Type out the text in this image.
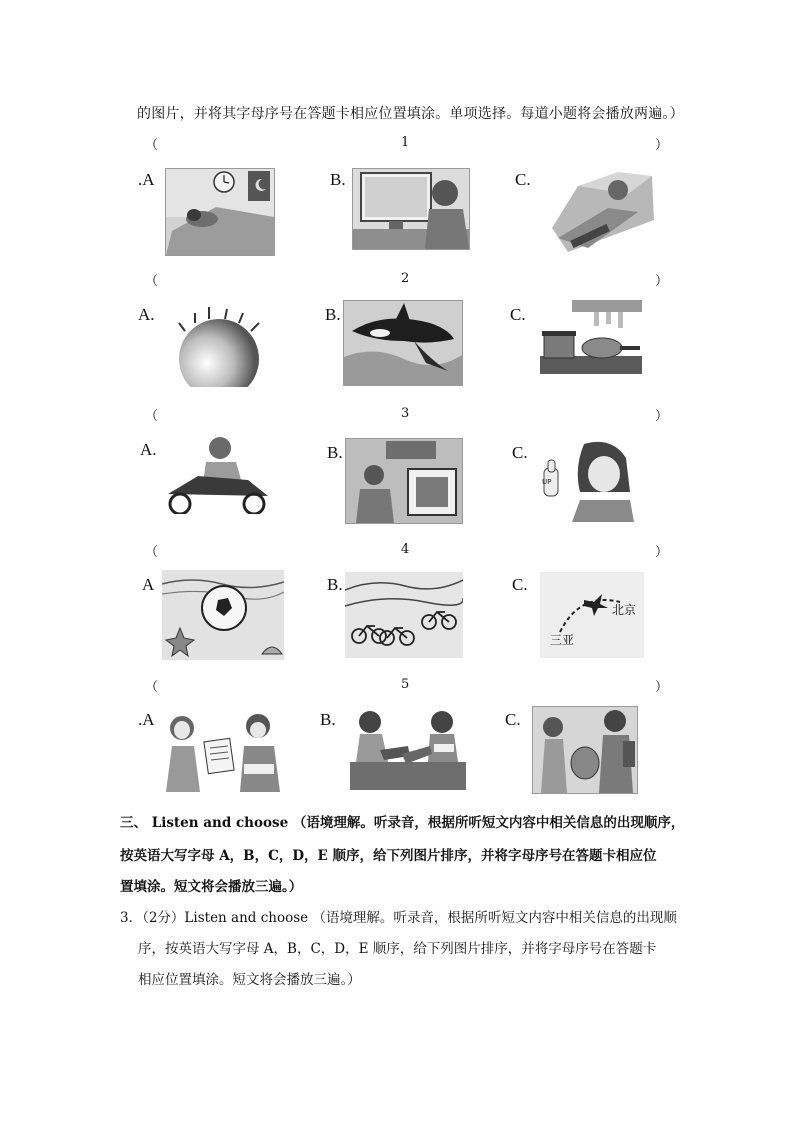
的图片，并将其字母序号在答题卡相应位置填涂。单项选择。每道小题将会播放两遍。）
（	1	）
.A	B.	C.
（	2	）
A.	B.	C.
（	3	）
A.	B.	C.
UP
（	4	）
A	B.	C.
北京
三亚
（	5	）
.A	B.	C.
三、 Listen and choose （语境理解。听录音，根据所听短文内容中相关信息的出现顺序，
按英语大写字母 A，B，C，D，E 顺序，给下列图片排序，并将字母序号在答题卡相应位
置填涂。短文将会播放三遍。）
3．（2分）Listen and choose （语境理解。听录音，根据所听短文内容中相关信息的出现顺
序，按英语大写字母 A，B，C，D，E 顺序，给下列图片排序，并将字母序号在答题卡
相应位置填涂。短文将会播放三遍。）
